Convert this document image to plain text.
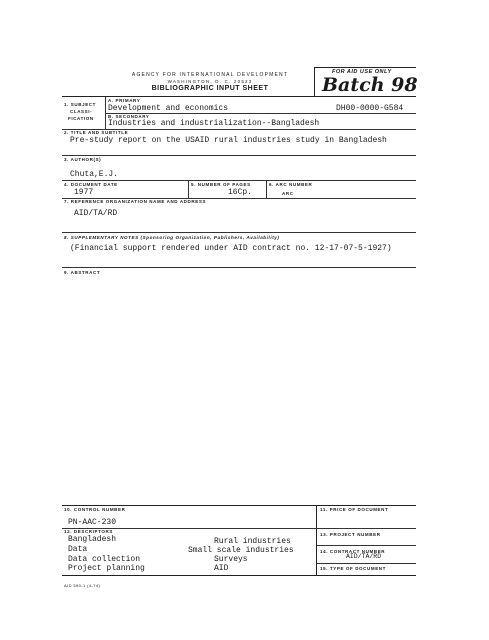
AGENCY FOR INTERNATIONAL DEVELOPMENT
WASHINGTON, D. C. 20523
BIBLIOGRAPHIC INPUT SHEET
FOR AID USE ONLY
Batch 98
1. SUBJECT
CLASSI-
FICATION
A. PRIMARY
Development and economics	DH00-0000-G584
B. SECONDARY
Industries and industrialization--Bangladesh
2. TITLE AND SUBTITLE
Pre-study report on the USAID rural industries study in Bangladesh
3. AUTHOR(S)
Chuta,E.J.
4. DOCUMENT DATE
1977
5. NUMBER OF PAGES
16Cp.
6. ARC NUMBER
ARC
7. REFERENCE ORGANIZATION NAME AND ADDRESS
AID/TA/RD
8. SUPPLEMENTARY NOTES (Sponsoring Organization, Publishers, Availability)
(Financial support rendered under AID contract no. 12-17-07-5-1927)
9. ABSTRACT
10. CONTROL NUMBER
PN-AAC-230
11. PRICE OF DOCUMENT
12. DESCRIPTORS
Bangladesh
Data
Data collection
Project planning
Rural industries
Small scale industries
Surveys
AID
13. PROJECT NUMBER
14. CONTRACT NUMBER
AID/TA/RD
15. TYPE OF DOCUMENT
AID 590-1 (4-74)
